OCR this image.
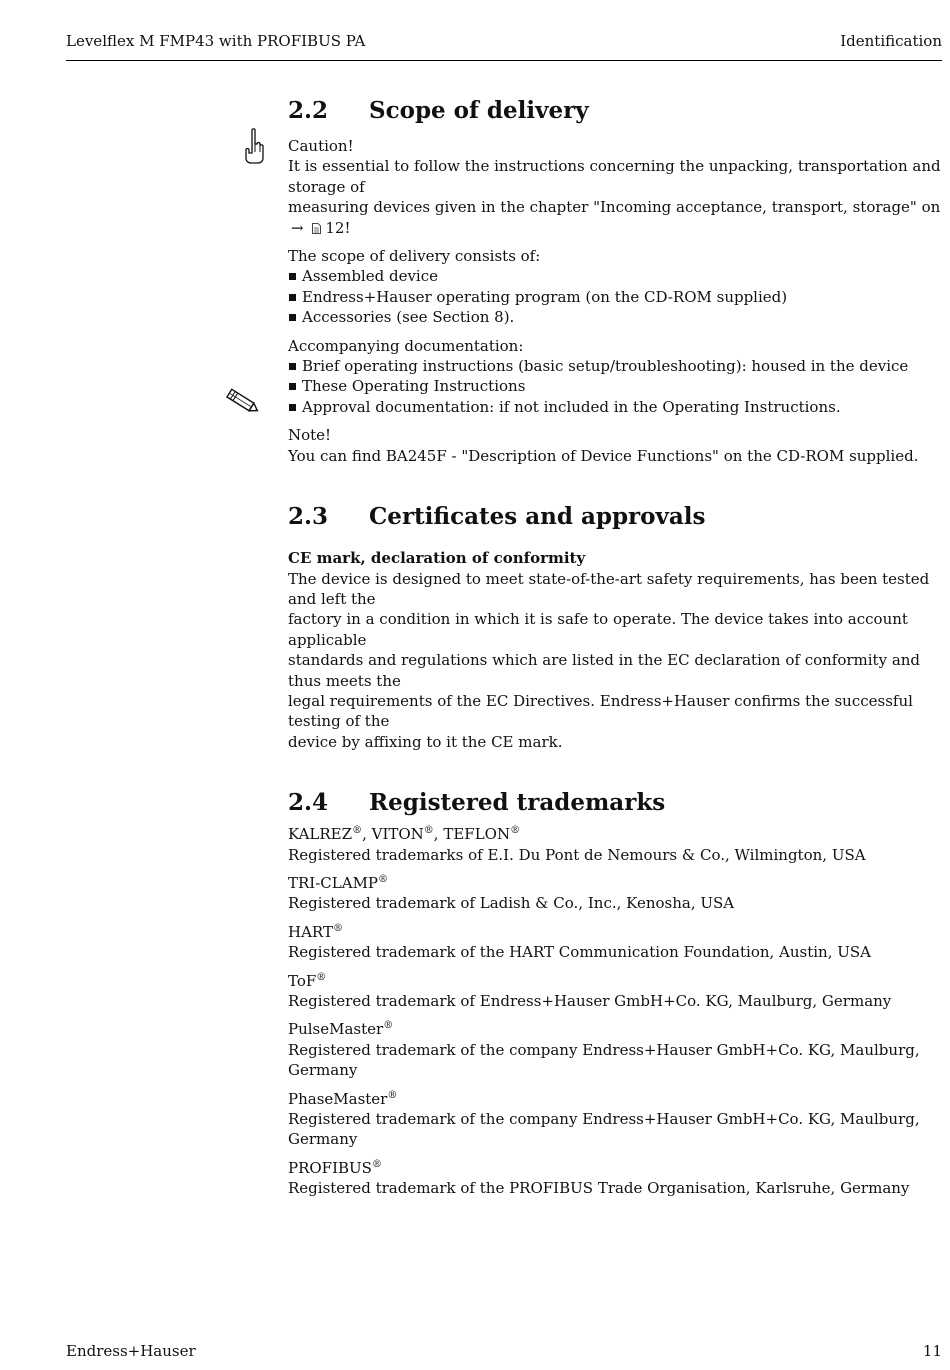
Levelflex M FMP43 with PROFIBUS PA	Identification
2.2	Scope of delivery

Caution!

It is essential to follow the instructions concerning the unpacking, transportation and storage of

measuring devices given in the chapter "Incoming acceptance, transport, storage" on → 12!

The scope of delivery consists of:

Assembled device
Endress+Hauser operating program (on the CD-ROM supplied)
Accessories (see Section 8).

Accompanying documentation:

Brief operating instructions (basic setup/troubleshooting): housed in the device
These Operating Instructions
Approval documentation: if not included in the Operating Instructions.

Note!

You can find BA245F - "Description of Device Functions" on the CD-ROM supplied.

2.3	Certificates and approvals

CE mark, declaration of conformity

The device is designed to meet state-of-the-art safety requirements, has been tested and left the

factory in a condition in which it is safe to operate. The device takes into account applicable

standards and regulations which are listed in the EC declaration of conformity and thus meets the

legal requirements of the EC Directives. Endress+Hauser confirms the successful testing of the

device by affixing to it the CE mark.

2.4	Registered trademarks

KALREZ®, VITON®, TEFLON®

Registered trademarks of E.I. Du Pont de Nemours & Co., Wilmington, USA

TRI-CLAMP®

Registered trademark of Ladish & Co., Inc., Kenosha, USA

HART®

Registered trademark of the HART Communication Foundation, Austin, USA

ToF®

Registered trademark of Endress+Hauser GmbH+Co. KG, Maulburg, Germany

PulseMaster®

Registered trademark of the company Endress+Hauser GmbH+Co. KG, Maulburg, Germany

PhaseMaster®

Registered trademark of the company Endress+Hauser GmbH+Co. KG, Maulburg, Germany

PROFIBUS®

Registered trademark of the PROFIBUS Trade Organisation, Karlsruhe, Germany

Endress+Hauser	11
